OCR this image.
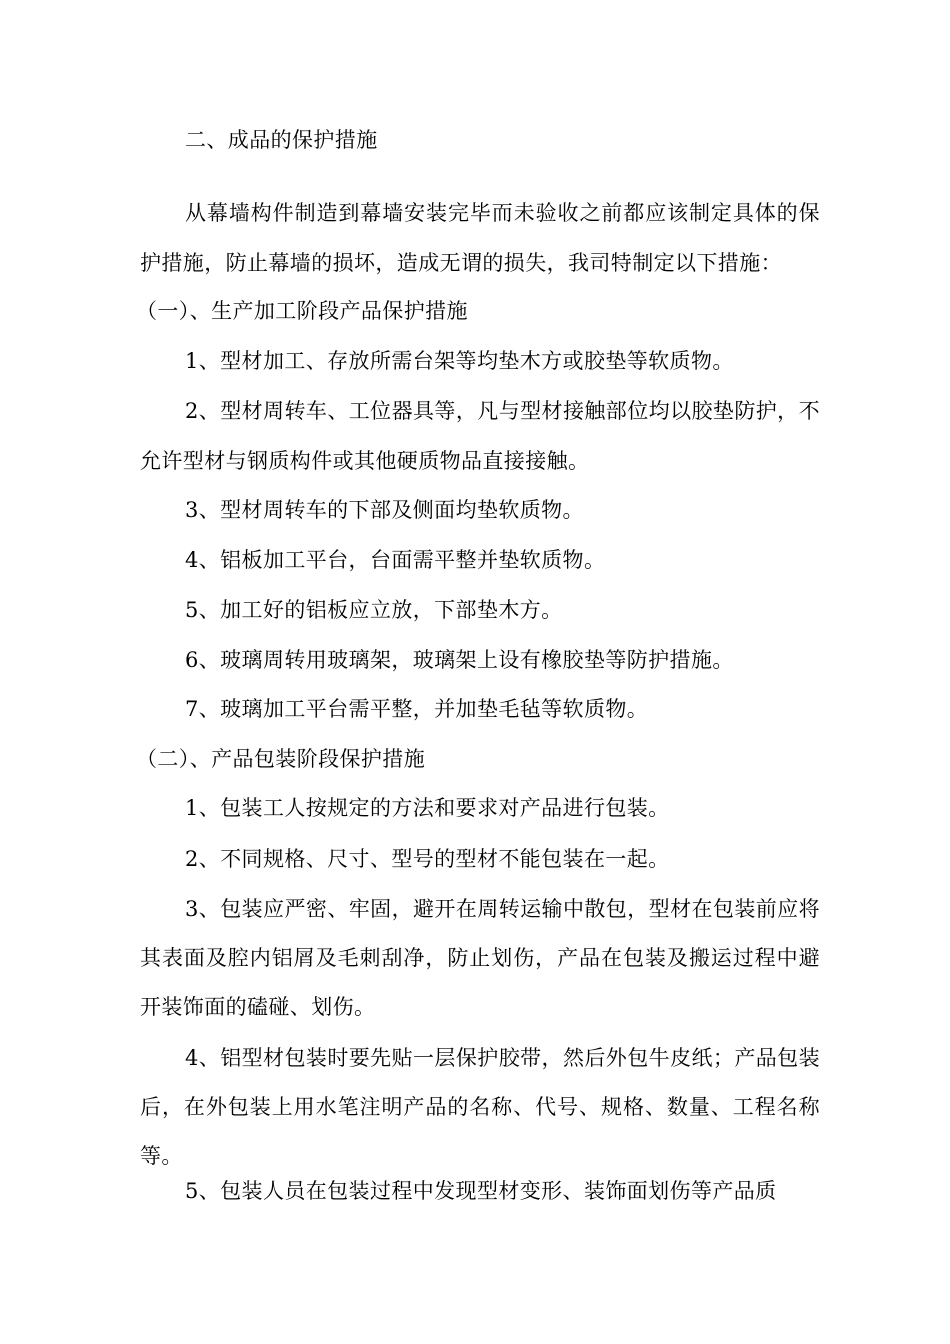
二、成品的保护措施
从幕墙构件制造到幕墙安装完毕而未验收之前都应该制定具体的保
护措施，防止幕墙的损坏，造成无谓的损失，我司特制定以下措施：
（一）、生产加工阶段产品保护措施
1、型材加工、存放所需台架等均垫木方或胶垫等软质物。
2、型材周转车、工位器具等，凡与型材接触部位均以胶垫防护，不
允许型材与钢质构件或其他硬质物品直接接触。
3、型材周转车的下部及侧面均垫软质物。
4、铝板加工平台，台面需平整并垫软质物。
5、加工好的铝板应立放，下部垫木方。
6、玻璃周转用玻璃架，玻璃架上设有橡胶垫等防护措施。
7、玻璃加工平台需平整，并加垫毛毡等软质物。
（二）、产品包装阶段保护措施
1、包装工人按规定的方法和要求对产品进行包装。
2、不同规格、尺寸、型号的型材不能包装在一起。
3、包装应严密、牢固，避开在周转运输中散包，型材在包装前应将
其表面及腔内铝屑及毛刺刮净，防止划伤，产品在包装及搬运过程中避
开装饰面的磕碰、划伤。
4、铝型材包装时要先贴一层保护胶带，然后外包牛皮纸；产品包装
后，在外包装上用水笔注明产品的名称、代号、规格、数量、工程名称
等。
5、包装人员在包装过程中发现型材变形、装饰面划伤等产品质
